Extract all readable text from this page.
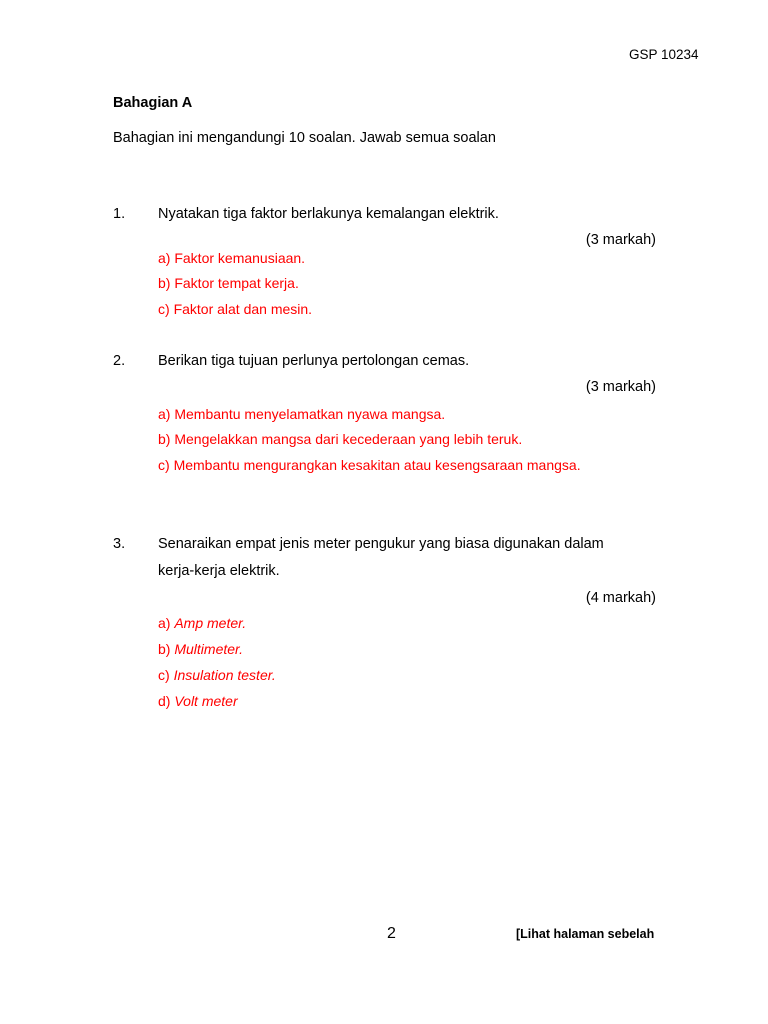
GSP 10234
Bahagian A
Bahagian ini mengandungi 10 soalan. Jawab semua soalan
1. Nyatakan tiga faktor berlakunya kemalangan elektrik.
(3 markah)
a) Faktor kemanusiaan.
b) Faktor tempat kerja.
c) Faktor alat dan mesin.
2. Berikan tiga tujuan perlunya pertolongan cemas.
(3 markah)
a) Membantu menyelamatkan nyawa mangsa.
b) Mengelakkan mangsa dari kecederaan yang lebih teruk.
c) Membantu mengurangkan kesakitan atau kesengsaraan mangsa.
3. Senaraikan empat jenis meter pengukur yang biasa digunakan dalam
kerja-kerja elektrik.
(4 markah)
a) Amp meter.
b) Multimeter.
c) Insulation tester.
d) Volt meter
2	[Lihat halaman sebelah
